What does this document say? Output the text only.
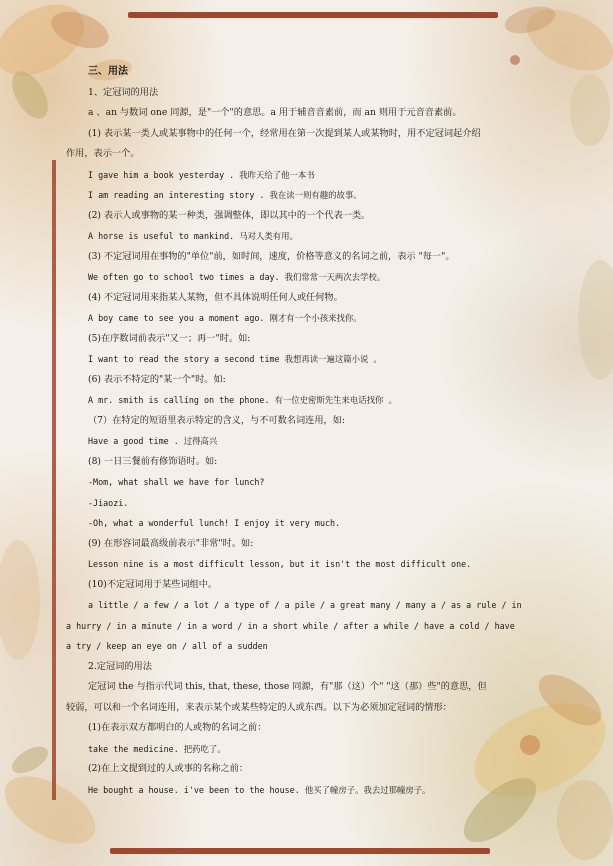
三、用法
1、定冠词的用法
a 、an 与数词 one 同源，是"一个"的意思。a 用于辅音音素前，而 an 则用于元音音素前。
(1) 表示某一类人或某事物中的任何一个，经常用在第一次提到某人或某物时，用不定冠词起介绍
作用，表示一个。
I gave him a book yesterday . 我昨天给了他一本书
I am reading an interesting story . 我在读一则有趣的故事。
(2) 表示人或事物的某一种类，强调整体，即以其中的一个代表一类。
A horse is useful to mankind. 马对人类有用。
(3) 不定冠词用在事物的"单位"前，如时间，速度，价格等意义的名词之前，表示 "每一"。
We often go to school two times a day. 我们常常一天两次去学校。
(4) 不定冠词用来指某人某物，但不具体说明任何人或任何物。
A boy came to see you a moment ago. 刚才有一个小孩来找你。
(5)在序数词前表示"又一；再一"时。如:
I want to read the story a second time 我想再读一遍这篇小说 。
(6) 表示不特定的"某一个"时。如:
A mr. smith is calling on the phone. 有一位史密斯先生来电话找你 。
（7）在特定的短语里表示特定的含义，与不可数名词连用，如:
Have a good time . 过得高兴
(8) 一日三餐前有修饰语时。如:
-Mom, what shall we have for lunch?
-Jiaozi.
-Oh, what a wonderful lunch! I enjoy it very much.
(9) 在形容词最高级前表示"非常"时。如:
Lesson nine is a most difficult lesson, but it isn't the most difficult one.
(10)不定冠词用于某些词组中。
a little / a few / a lot / a type of / a pile / a great many / many a / as a rule / in
a hurry / in a minute / in a word / in a short while / after a while / have a cold / have
a try / keep an eye on / all of a sudden
2.定冠词的用法
定冠词 the 与指示代词 this, that, these, those 同源，有"那（这）个" "这（那）些"的意思，但
较弱，可以和一个名词连用，来表示某个或某些特定的人或东西。以下为必须加定冠词的情形：
(1)在表示双方都明白的人或物的名词之前：
take the medicine. 把药吃了。
(2)在上文提到过的人或事的名称之前：
He bought a house. i've been to the house. 他买了幢房子。我去过那幢房子。
